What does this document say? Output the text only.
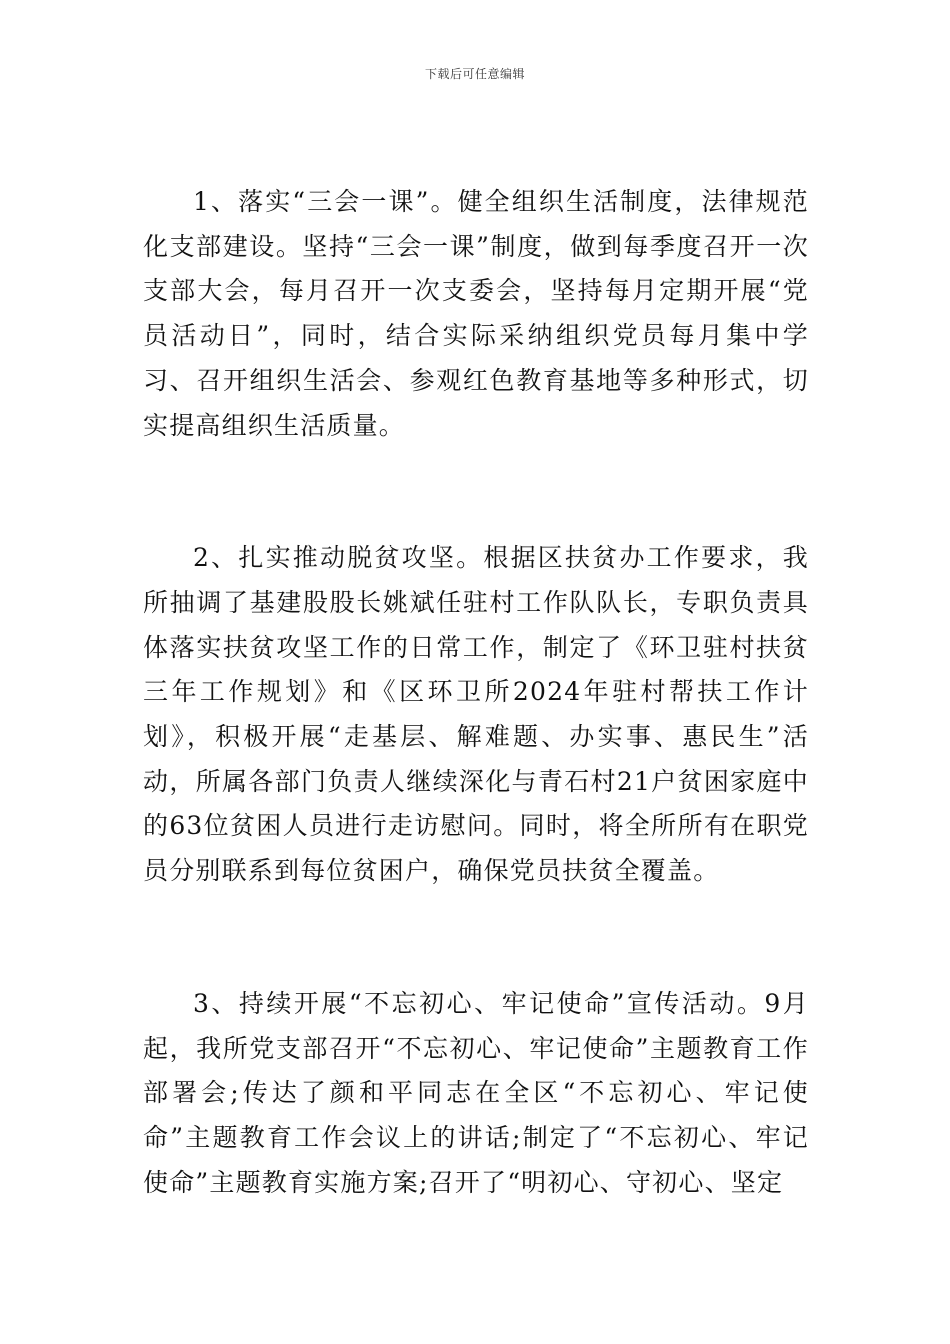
下载后可任意编辑

1、落实“三会一课”。健全组织生活制度，法律规范化支部建设。坚持“三会一课”制度，做到每季度召开一次支部大会，每月召开一次支委会，坚持每月定期开展“党员活动日”，同时，结合实际采纳组织党员每月集中学习、召开组织生活会、参观红色教育基地等多种形式，切实提高组织生活质量。

2、扎实推动脱贫攻坚。根据区扶贫办工作要求，我所抽调了基建股股长姚斌任驻村工作队队长，专职负责具体落实扶贫攻坚工作的日常工作，制定了《环卫驻村扶贫三年工作规划》和《区环卫所2024年驻村帮扶工作计划》，积极开展“走基层、解难题、办实事、惠民生”活动，所属各部门负责人继续深化与青石村21户贫困家庭中的63位贫困人员进行走访慰问。同时，将全所所有在职党员分别联系到每位贫困户，确保党员扶贫全覆盖。

3、持续开展“不忘初心、牢记使命”宣传活动。9月起，我所党支部召开“不忘初心、牢记使命”主题教育工作部署会;传达了颜和平同志在全区“不忘初心、牢记使命”主题教育工作会议上的讲话;制定了“不忘初心、牢记使命”主题教育实施方案;召开了“明初心、守初心、坚定
